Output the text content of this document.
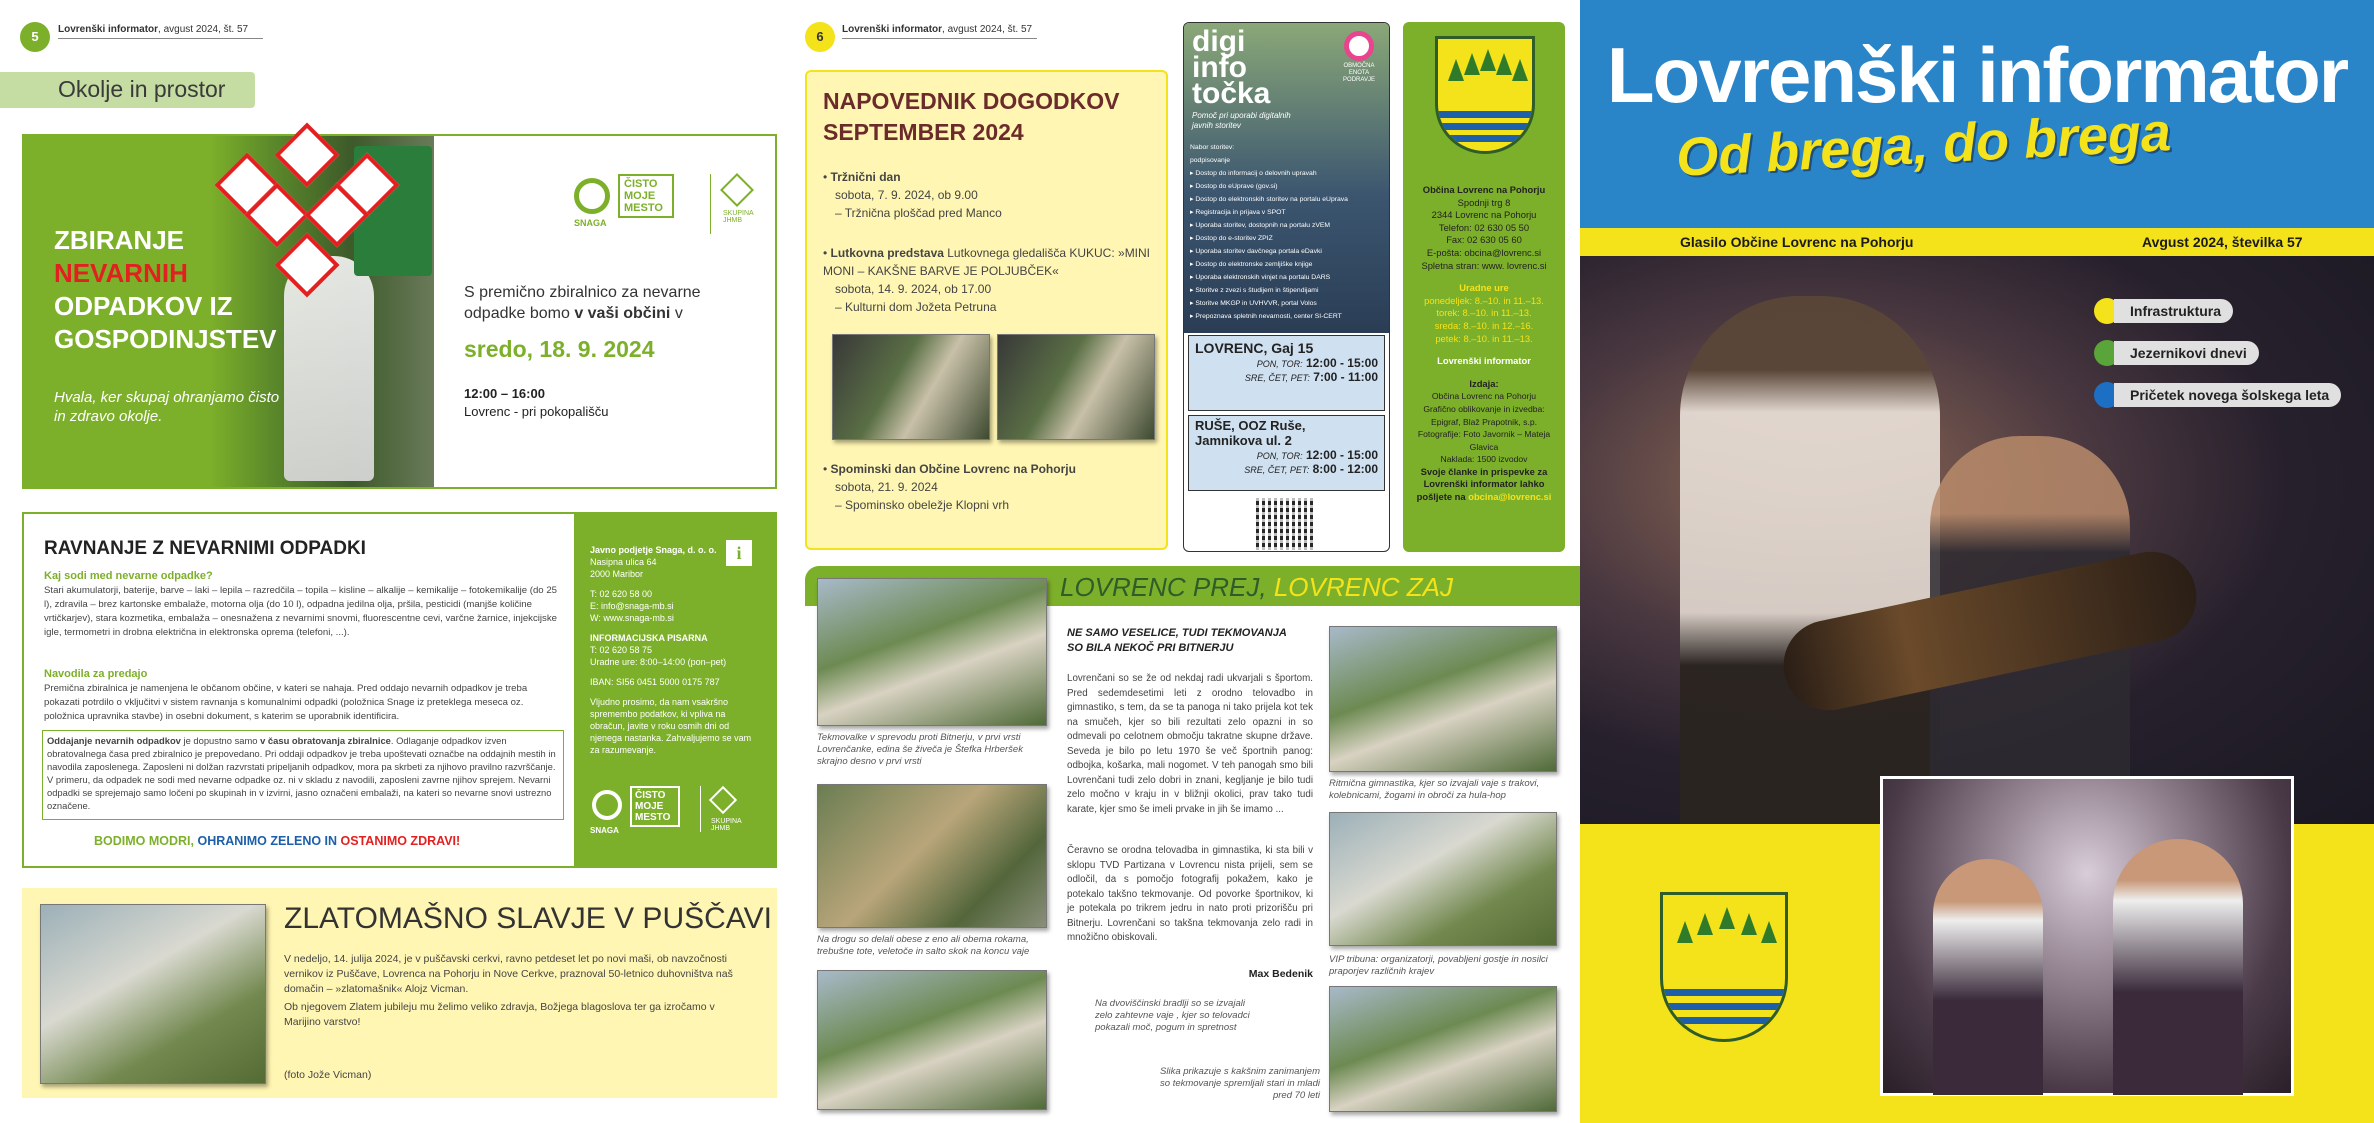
5	Lovrenški informator, avgust 2024, št. 57
Okolje in prostor
ZBIRANJE
NEVARNIH
ODPADKOV IZ
GOSPODINJSTEV
Hvala, ker skupaj ohranjamo čisto in zdravo okolje.
SNAGA
ČISTO
MOJE
MESTO	SKUPINA
JHMB
S premično zbiralnico za nevarne odpadke bomo v vaši občini v
sredo, 18. 9. 2024
12:00 – 16:00
Lovrenc - pri pokopališču
RAVNANJE Z NEVARNIMI ODPADKI
Kaj sodi med nevarne odpadke?
Stari akumulatorji, baterije, barve – laki – lepila – razredčila – topila – kisline – alkalije – kemikalije – fotokemikalije (do 25 l), zdravila – brez kartonske embalaže, motorna olja (do 10 l), odpadna jedilna olja, pršila, pesticidi (manjše količine vrtičkarjev), stara kozmetika, embalaža – onesnažena z nevarnimi snovmi, fluorescentne cevi, varčne žarnice, injekcijske igle, termometri in drobna električna in elektronska oprema (telefoni, ...).
Navodila za predajo
Premična zbiralnica je namenjena le občanom občine, v kateri se nahaja. Pred oddajo nevarnih odpadkov je treba pokazati potrdilo o vključitvi v sistem ravnanja s komunalnimi odpadki (položnica Snage iz preteklega meseca oz. položnica upravnika stavbe) in osebni dokument, s katerim se uporabnik identificira.
Oddajanje nevarnih odpadkov je dopustno samo v času obratovanja zbiralnice. Odlaganje odpadkov izven obratovalnega časa pred zbiralnico je prepovedano. Pri oddaji odpadkov je treba upoštevati označbe na oddajnih mestih in navodila zaposlenega. Zaposleni ni dolžan razvrstati pripeljanih odpadkov, mora pa skrbeti za njihovo pravilno razvrščanje. V primeru, da odpadek ne sodi med nevarne odpadke oz. ni v skladu z navodili, zaposleni zavrne njihov sprejem. Nevarni odpadki se sprejemajo samo ločeni po skupinah in v izvirni, jasno označeni embalaži, na kateri so nevarne snovi ustrezno označene.
BODIMO MODRI, OHRANIMO ZELENO IN OSTANIMO ZDRAVI!
i
Javno podjetje Snaga, d. o. o.
Nasipna ulica 64
2000 Maribor
T: 02 620 58 00
E: info@snaga-mb.si
W: www.snaga-mb.si
INFORMACIJSKA PISARNA
T: 02 620 58 75
Uradne ure: 8:00–14:00 (pon–pet)
IBAN: SI56 0451 5000 0175 787
Vljudno prosimo, da nam vsakršno spremembo podatkov, ki vpliva na obračun, javite v roku osmih dni od njenega nastanka. Zahvaljujemo se vam za razumevanje.
SNAGA
ČISTO
MOJE
MESTO	SKUPINA
JHMB
ZLATOMAŠNO SLAVJE V PUŠČAVI
V nedeljo, 14. julija 2024, je v puščavski cerkvi, ravno petdeset let po novi maši, ob navzočnosti vernikov iz Puščave, Lovrenca na Pohorju in Nove Cerkve, praznoval 50-letnico duhovništva naš domačin – »zlatomašnik« Alojz Vicman.
Ob njegovem Zlatem jubileju mu želimo veliko zdravja, Božjega blagoslova ter ga izročamo v Marijino varstvo!
(foto Jože Vicman)
6	Lovrenški informator, avgust 2024, št. 57
NAPOVEDNIK DOGODKOV
SEPTEMBER 2024
• Tržnični dan
sobota, 7. 9. 2024, ob 9.00
– Tržnična ploščad pred Manco
• Lutkovna predstava Lutkovnega gledališča KUKUC: »MINI MONI – KAKŠNE BARVE JE POLJUBČEK«
sobota, 14. 9. 2024, ob 17.00
– Kulturni dom Jožeta Petruna
• Spominski dan Občine Lovrenc na Pohorju
sobota, 21. 9. 2024
– Spominsko obeležje Klopni vrh
digi
info
točka
OBMOČNA ENOTA PODRAVJE
Pomoč pri uporabi digitalnih javnih storitev
Nabor storitev:
podpisovanje
▸ Dostop do informacij o delovnih upravah
▸ Dostop do eUprave (gov.si)
▸ Dostop do elektronskih storitev na portalu eUprava
▸ Registracija in prijava v SPOT
▸ Uporaba storitev, dostopnih na portalu zVEM
▸ Dostop do e-storitev ZPIZ
▸ Uporaba storitev davčnega portala eDavki
▸ Dostop do elektronske zemljiške knjige
▸ Uporaba elektronskih vinjet na portalu DARS
▸ Storitve z zvezi s študijem in štipendijami
▸ Storitve MKGP in UVHVVR, portal Volos
▸ Prepoznava spletnih nevarnosti, center SI-CERT
LOVRENC, Gaj 15
PON, TOR: 12:00 - 15:00
SRE, ČET, PET: 7:00 - 11:00
RUŠE, OOZ Ruše,
Jamnikova ul. 2
PON, TOR: 12:00 - 15:00
SRE, ČET, PET: 8:00 - 12:00
Občina Lovrenc na Pohorju
Spodnji trg 8
2344 Lovrenc na Pohorju
Telefon: 02 630 05 50
Fax: 02 630 05 60
E-pošta: obcina@lovrenc.si
Spletna stran: www. lovrenc.si
Uradne ure
ponedeljek: 8.–10. in 11.–13.
torek: 8.–10. in 11.–13.
sreda: 8.–10. in 12.–16.
petek: 8.–10. in 11.–13.
Lovrenški informator
Izdaja:
Občina Lovrenc na Pohorju
Grafično oblikovanje in izvedba: Epigraf, Blaž Prapotnik, s.p.
Fotografije: Foto Javornik – Mateja Glavica
Naklada: 1500 izvodov
Svoje članke in prispevke za Lovrenški informator lahko pošljete na obcina@lovrenc.si
LOVRENC PREJ, LOVRENC ZAJ
Tekmovalke v sprevodu proti Bitnerju, v prvi vrsti Lovrenčanke, edina še živeča je Štefka Hrberšek skrajno desno v prvi vrsti
Na drogu so delali obese z eno ali obema rokama, trebušne tote, veletoče in salto skok na koncu vaje
NE SAMO VESELICE, TUDI TEKMOVANJA
SO BILA NEKOČ PRI BITNERJU
Lovrenčani so se že od nekdaj radi ukvarjali s športom. Pred sedemdesetimi leti z orodno telovadbo in gimnastiko, s tem, da se ta panoga ni tako prijela kot tek na smučeh, kjer so bili rezultati zelo opazni in so odmevali po celotnem območju takratne skupne države. Seveda je bilo po letu 1970 še več športnih panog: odbojka, košarka, mali nogomet. V teh panogah smo bili Lovrenčani tudi zelo dobri in znani, kegljanje je bilo tudi zelo močno v kraju in v bližnji okolici, prav tako tudi karate, kjer smo še imeli prvake in jih še imamo ...
Čeravno se orodna telovadba in gimnastika, ki sta bili v sklopu TVD Partizana v Lovrencu nista prijeli, sem se odločil, da s pomočjo fotografij pokažem, kako je potekalo takšno tekmovanje. Od povorke športnikov, ki je potekala po trikrem jedru in nato proti prizorišču pri Bitnerju. Lovrenčani so takšna tekmovanja zelo radi in množično obiskovali.
Max Bedenik
Na dvoviščinski bradlji so se izvajali zelo zahtevne vaje , kjer so telovadci pokazali moč, pogum in spretnost
Slika prikazuje s kakšnim zanimanjem so tekmovanje spremljali stari in mladi pred 70 leti
Ritmična gimnastika, kjer so izvajali vaje s trakovi, kolebnicami, žogami in obroči za hula-hop
VIP tribuna: organizatorji, povabljeni gostje in nosilci praporjev različnih krajev
Lovrenški informator
Od brega, do brega
Glasilo Občine Lovrenc na Pohorju	Avgust 2024, številka 57
Infrastruktura
Jezernikovi dnevi
Pričetek novega šolskega leta
